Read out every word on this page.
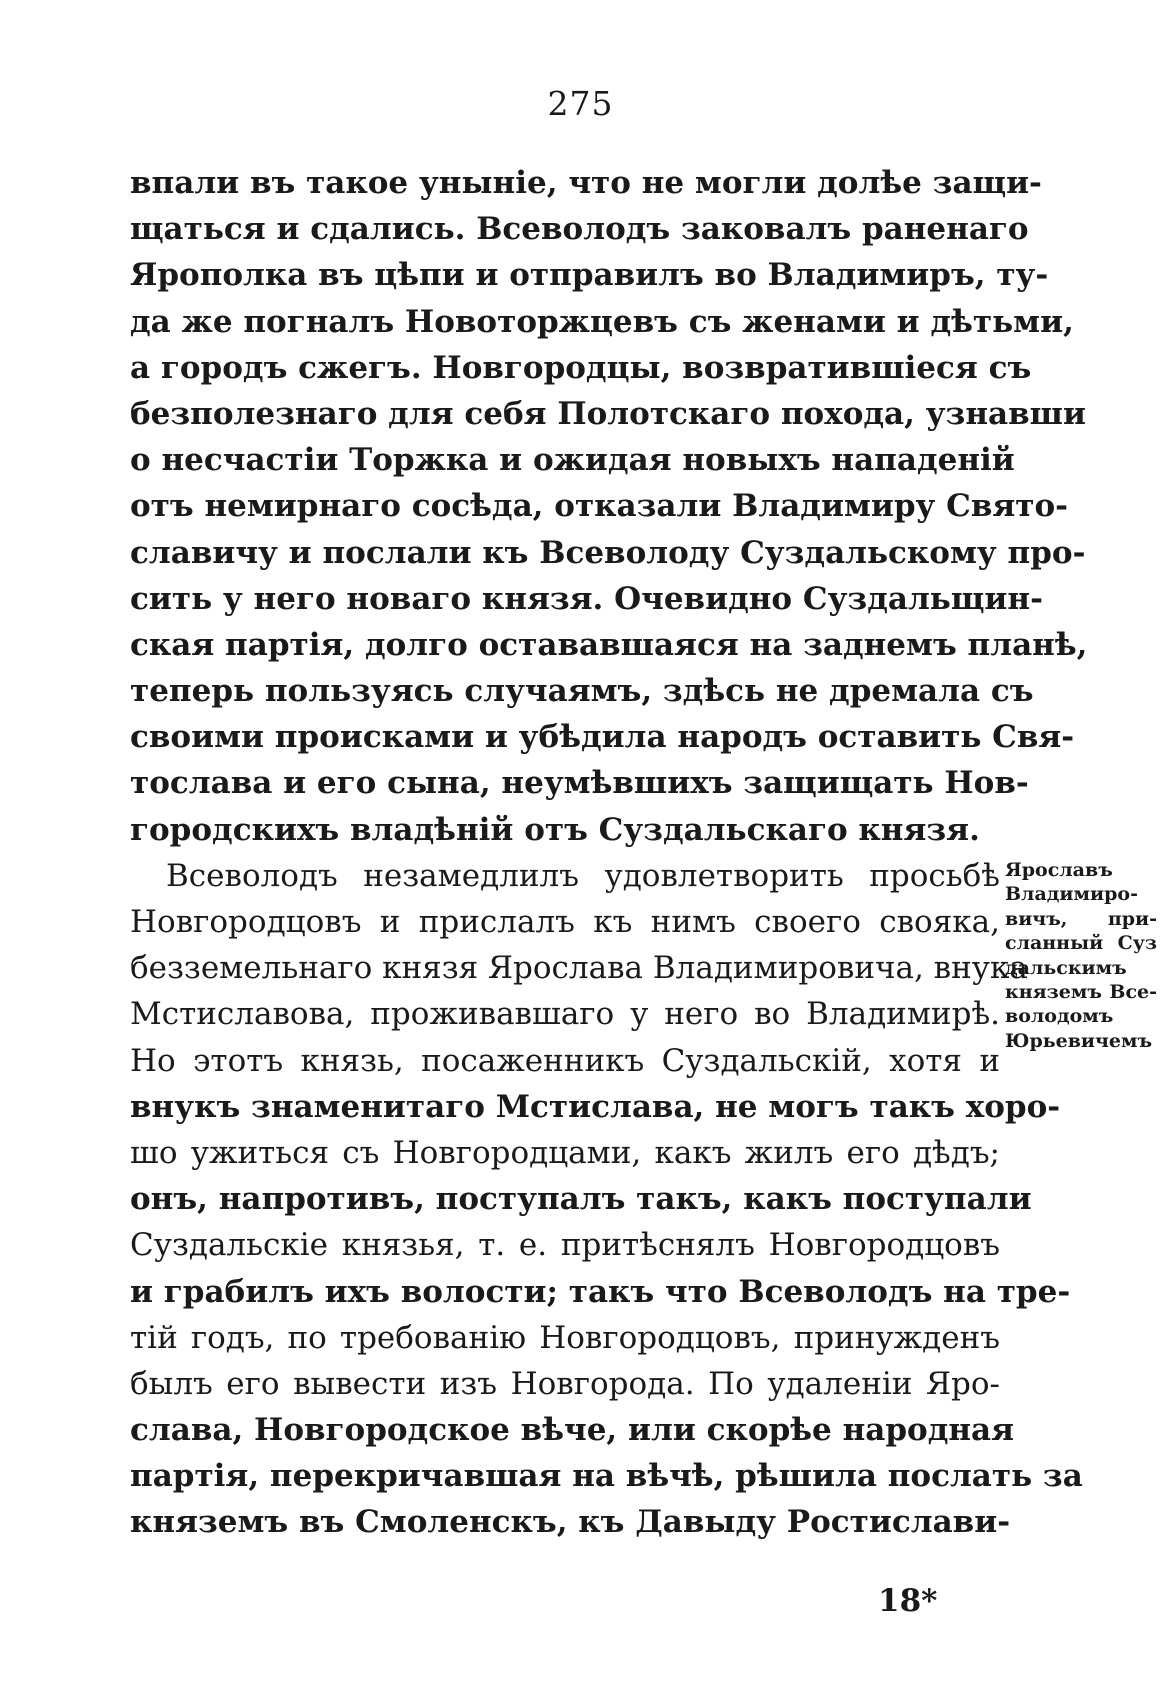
275
впали въ такое унынiе, что не могли долѣе защи-
щаться и сдались. Всеволодъ заковалъ раненаго
Ярополка въ цѣпи и отправилъ во Владимиръ, ту-
да же погналъ Новоторжцевъ съ женами и дѣтьми,
а городъ сжегъ. Новгородцы, возвратившiеся съ
безполезнаго для себя Полотскаго похода, узнавши
о несчастiи Торжка и ожидая новыхъ нападенiй
отъ немирнаго сосѣда, отказали Владимиру Свято-
славичу и послали къ Всеволоду Суздальскому про-
сить у него новаго князя. Очевидно Суздальщин-
ская партiя, долго остававшаяся на заднемъ планѣ,
теперь пользуясь случаямъ, здѣсь не дремала съ
своими происками и убѣдила народъ оставить Свя-
тослава и его сына, неумѣвшихъ защищать Нов-
городскихъ владѣнiй отъ Суздальскаго князя.
Всеволодъ незамедлилъ удовлетворить просьбѣ
Новгородцовъ и прислалъ къ нимъ своего свояка,
безземельнаго князя Ярослава Владимировича, внука
Мстиславова, проживавшаго у него во Владимирѣ.
Но этотъ князь, посаженникъ Суздальскiй, хотя и
внукъ знаменитаго Мстислава, не могъ такъ хоро-
шо ужиться съ Новгородцами, какъ жилъ его дѣдъ;
онъ, напротивъ, поступалъ такъ, какъ поступали
Суздальскiе князья, т. е. притѣснялъ Новгородцовъ
и грабилъ ихъ волости; такъ что Всеволодъ на тре-
тiй годъ, по требованiю Новгородцовъ, принужденъ
былъ его вывести изъ Новгорода. По удаленiи Яро-
слава, Новгородское вѣче, или скорѣе народная
партiя, перекричавшая на вѣчѣ, рѣшила послать за
княземъ въ Смоленскъ, къ Давыду Ростислави-
Ярославъ
Владимиро-
вичъ, при-
сланный Суз
дальскимъ
княземъ Все-
володомъ
Юрьевичемъ
18*
